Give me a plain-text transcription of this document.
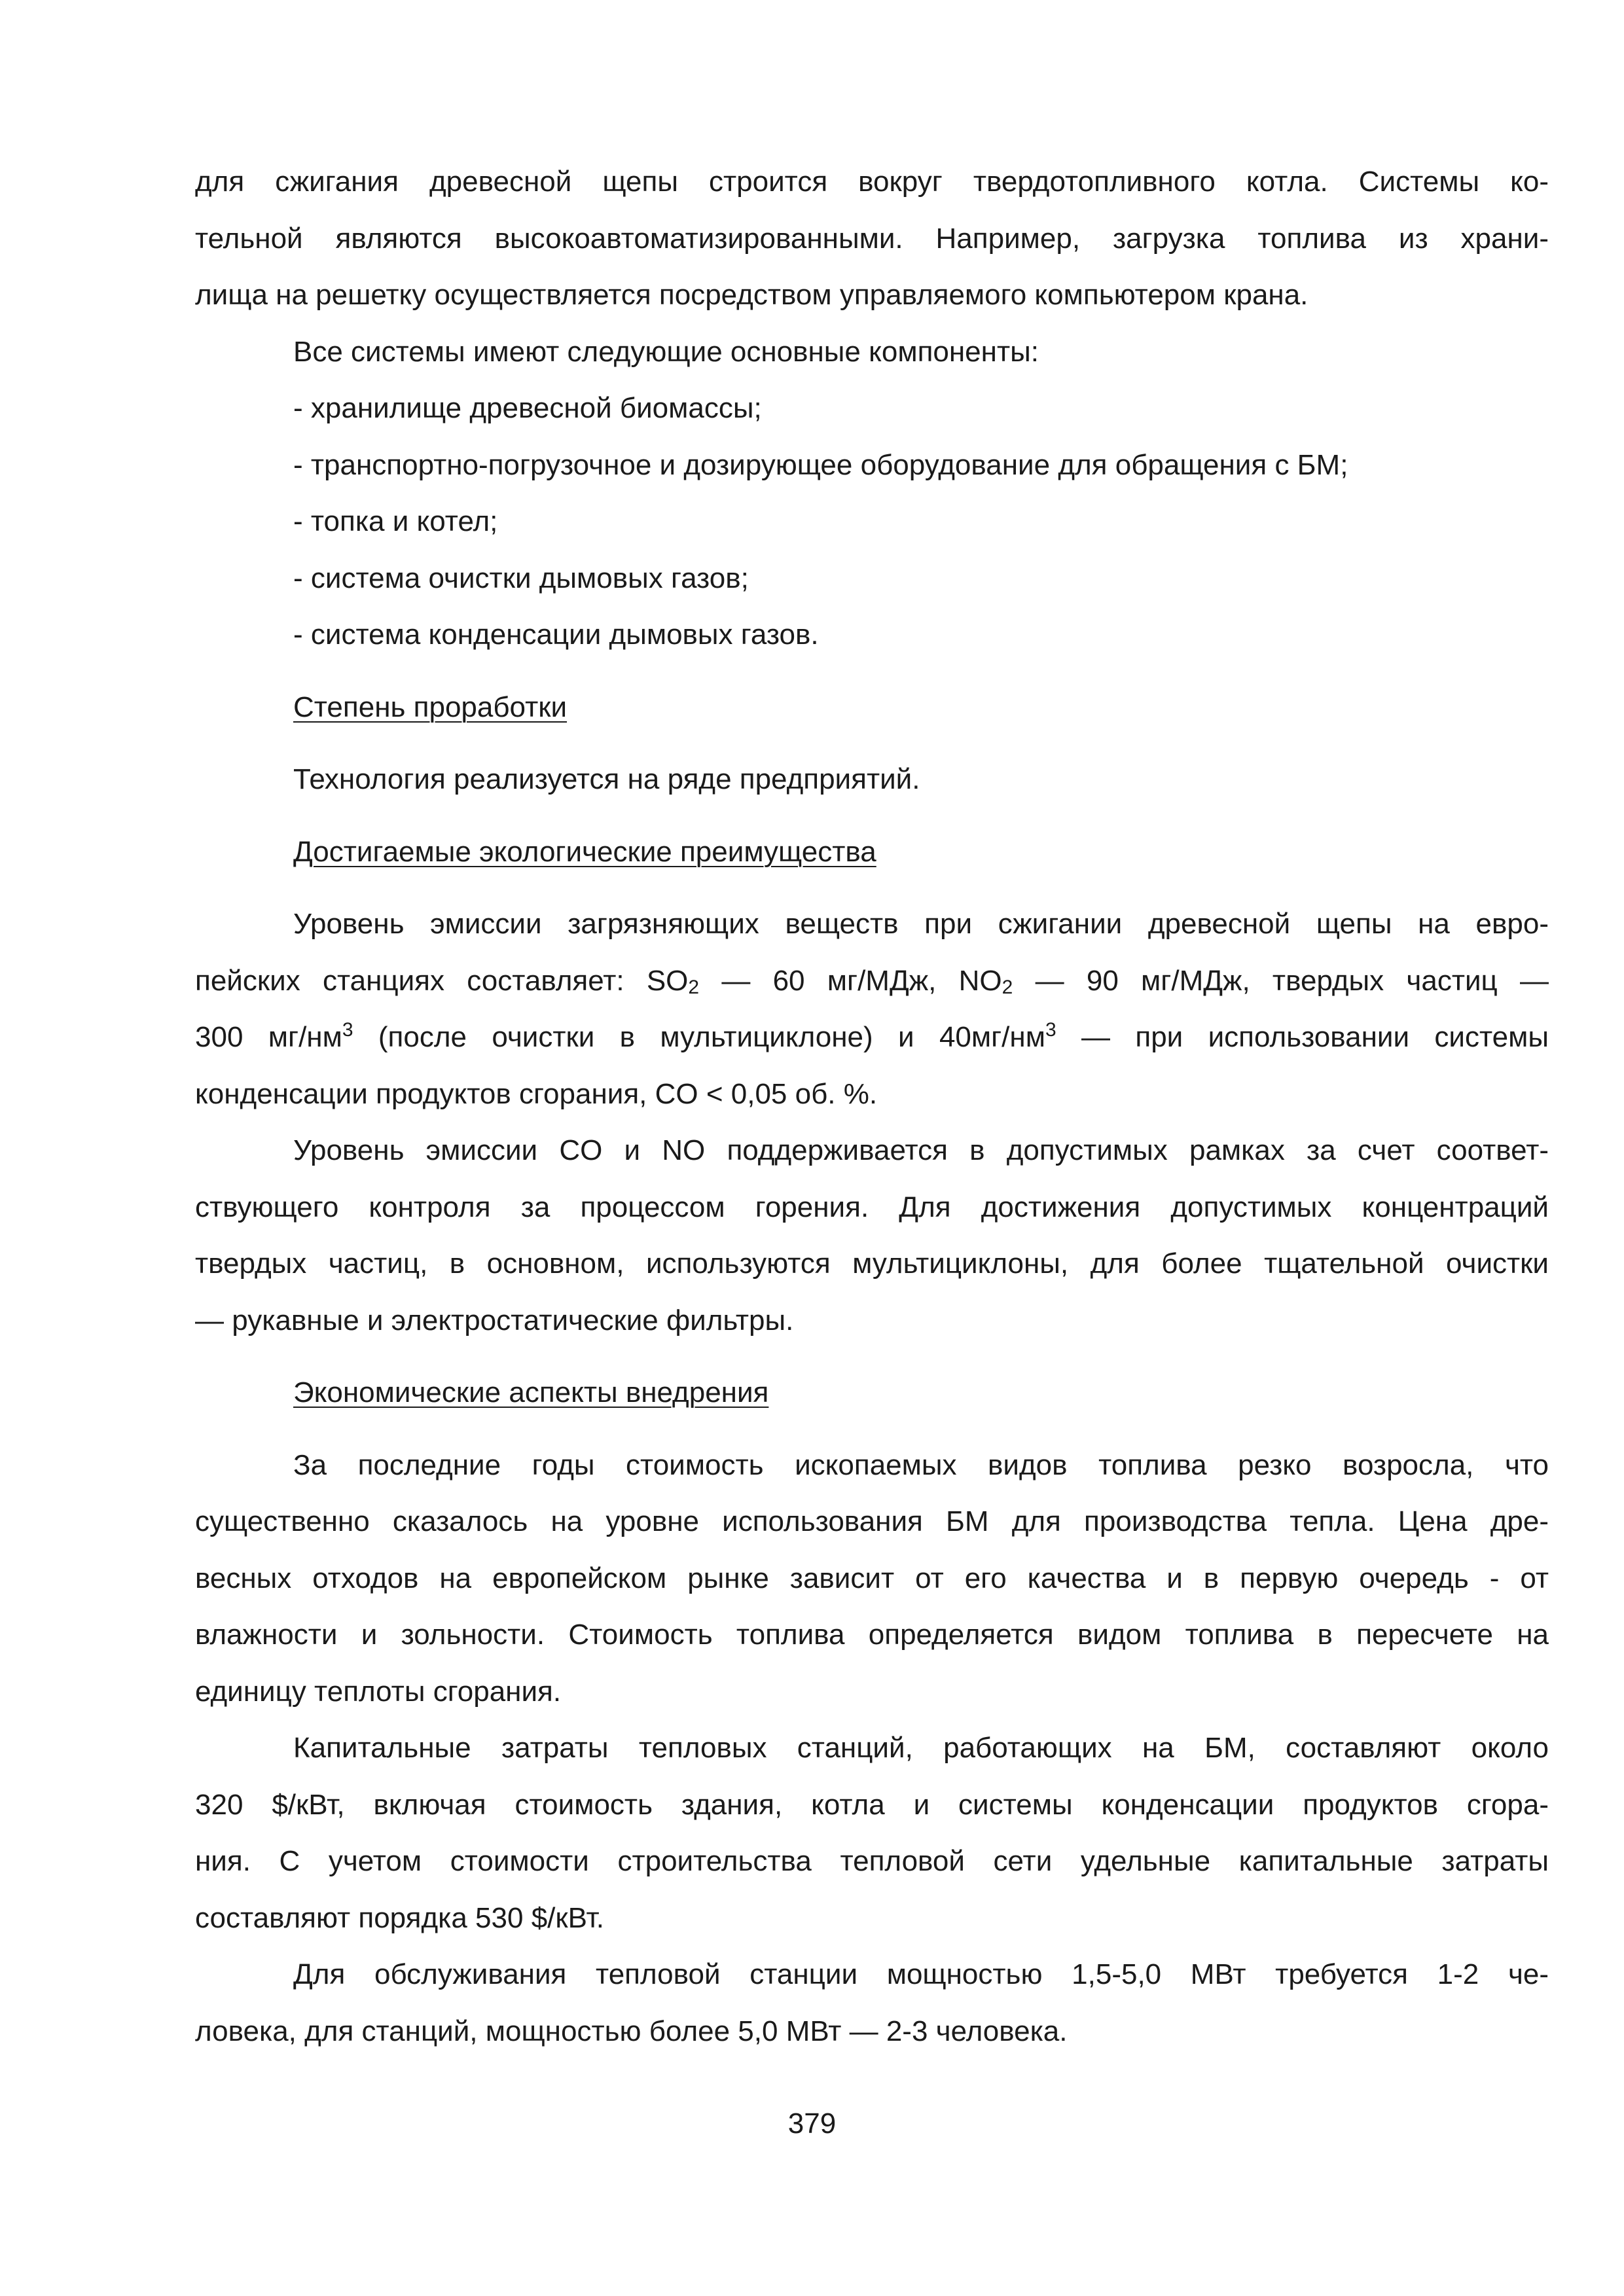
для сжигания древесной щепы строится вокруг твердотопливного котла. Системы ко-
тельной являются высокоавтоматизированными. Например, загрузка топлива из храни-
лища на решетку осуществляется посредством управляемого компьютером крана.
Все системы имеют следующие основные компоненты:
- хранилище древесной биомассы;
- транспортно-погрузочное и дозирующее оборудование для обращения с БМ;
- топка и котел;
- система очистки дымовых газов;
- система конденсации дымовых газов.
Степень проработки
Технология реализуется на ряде предприятий.
Достигаемые экологические преимущества
Уровень эмиссии загрязняющих веществ при сжигании древесной щепы на евро-
пейских станциях составляет: $SO_2$ — 60 мг/МДж, $NO_2$ — 90 мг/МДж, твердых частиц —
300 $мг/нм^3$ (после очистки в мультициклоне) и $40мг/нм^3$ — при использовании системы
конденсации продуктов сгорания, CO < 0,05 об. %.
Уровень эмиссии CO и NO поддерживается в допустимых рамках за счет соответ-
ствующего контроля за процессом горения. Для достижения допустимых концентраций
твердых частиц, в основном, используются мультициклоны, для более тщательной очистки
— рукавные и электростатические фильтры.
Экономические аспекты внедрения
За последние годы стоимость ископаемых видов топлива резко возросла, что
существенно сказалось на уровне использования БМ для производства тепла. Цена дре-
весных отходов на европейском рынке зависит от его качества и в первую очередь - от
влажности и зольности. Стоимость топлива определяется видом топлива в пересчете на
единицу теплоты сгорания.
Капитальные затраты тепловых станций, работающих на БМ, составляют около
320 $/кВт, включая стоимость здания, котла и системы конденсации продуктов сгора-
ния. С учетом стоимости строительства тепловой сети удельные капитальные затраты
составляют порядка 530 $/кВт.
Для обслуживания тепловой станции мощностью 1,5-5,0 МВт требуется 1-2 че-
ловека, для станций, мощностью более 5,0 МВт — 2-3 человека.
379
